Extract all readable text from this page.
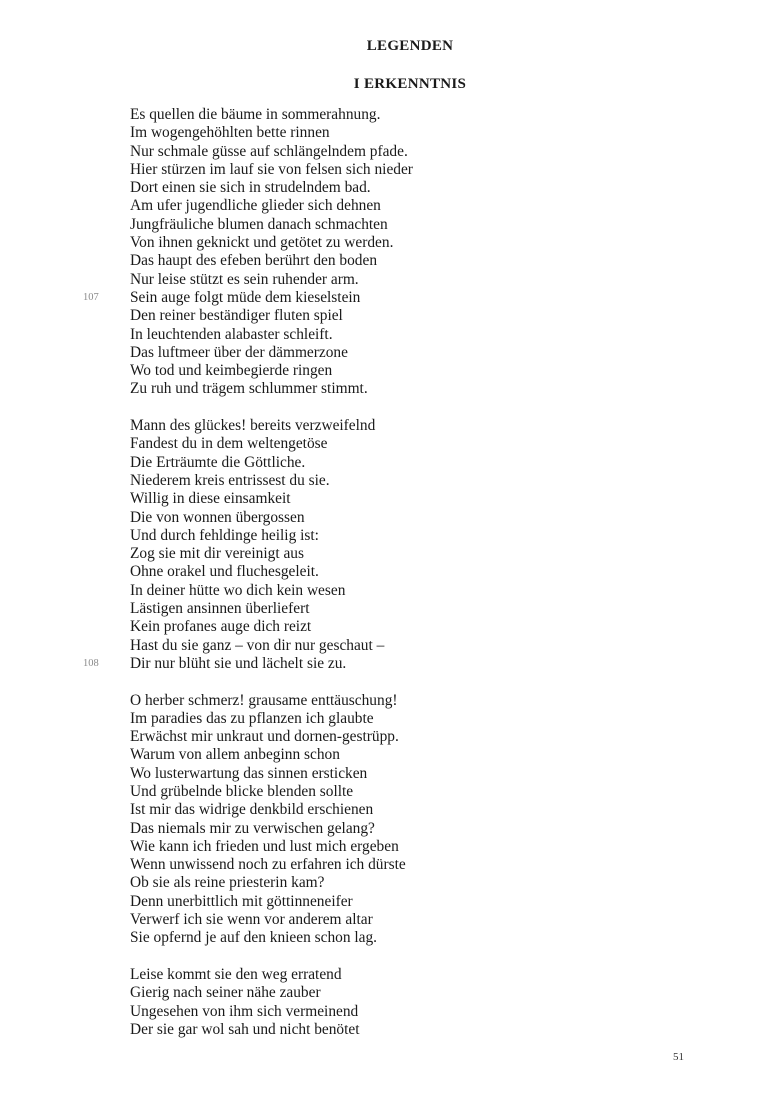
LEGENDEN
I ERKENNTNIS
Es quellen die bäume in sommerahnung.
Im wogengehöhlten bette rinnen
Nur schmale güsse auf schlängelndem pfade.
Hier stürzen im lauf sie von felsen sich nieder
Dort einen sie sich in strudelndem bad.
Am ufer jugendliche glieder sich dehnen
Jungfräuliche blumen danach schmachten
Von ihnen geknickt und getötet zu werden.
Das haupt des efeben berührt den boden
Nur leise stützt es sein ruhender arm.
Sein auge folgt müde dem kieselstein
107
Den reiner beständiger fluten spiel
In leuchtenden alabaster schleift.
Das luftmeer über der dämmerzone
Wo tod und keimbegierde ringen
Zu ruh und trägem schlummer stimmt.
Mann des glückes! bereits verzweifelnd
Fandest du in dem weltengetöse
Die Erträumte die Göttliche.
Niederem kreis entrissest du sie.
Willig in diese einsamkeit
Die von wonnen übergossen
Und durch fehldinge heilig ist:
Zog sie mit dir vereinigt aus
Ohne orakel und fluchesgeleit.
In deiner hütte wo dich kein wesen
Lästigen ansinnen überliefert
Kein profanes auge dich reizt
Hast du sie ganz – von dir nur geschaut –
Dir nur blüht sie und lächelt sie zu.
108
O herber schmerz! grausame enttäuschung!
Im paradies das zu pflanzen ich glaubte
Erwächst mir unkraut und dornen-gestrüpp.
Warum von allem anbeginn schon
Wo lusterwartung das sinnen ersticken
Und grübelnde blicke blenden sollte
Ist mir das widrige denkbild erschienen
Das niemals mir zu verwischen gelang?
Wie kann ich frieden und lust mich ergeben
Wenn unwissend noch zu erfahren ich dürste
Ob sie als reine priesterin kam?
Denn unerbittlich mit göttinneneifer
Verwerf ich sie wenn vor anderem altar
Sie opfernd je auf den knieen schon lag.
Leise kommt sie den weg erratend
Gierig nach seiner nähe zauber
Ungesehen von ihm sich vermeinend
Der sie gar wol sah und nicht benötet
51
